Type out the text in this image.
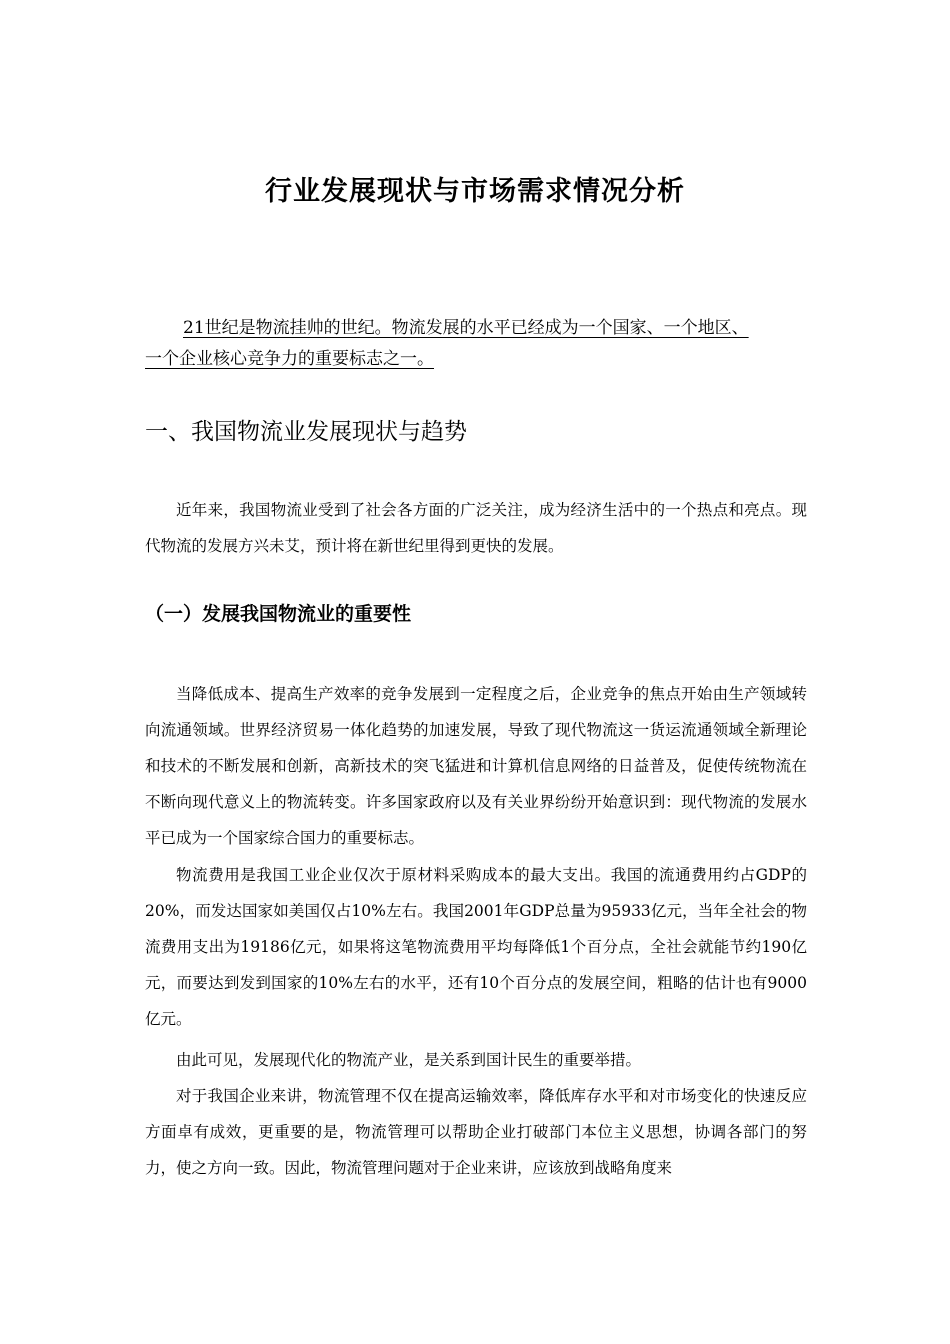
行业发展现状与市场需求情况分析

21世纪是物流挂帅的世纪。物流发展的水平已经成为一个国家、一个地区、
一个企业核心竞争力的重要标志之一。

一、我国物流业发展现状与趋势

近年来，我国物流业受到了社会各方面的广泛关注，成为经济生活中的一个热点和亮点。现代物流的发展方兴未艾，预计将在新世纪里得到更快的发展。

（一）发展我国物流业的重要性

当降低成本、提高生产效率的竞争发展到一定程度之后，企业竞争的焦点开始由生产领域转向流通领域。世界经济贸易一体化趋势的加速发展，导致了现代物流这一货运流通领域全新理论和技术的不断发展和创新，高新技术的突飞猛进和计算机信息网络的日益普及，促使传统物流在不断向现代意义上的物流转变。许多国家政府以及有关业界纷纷开始意识到：现代物流的发展水平已成为一个国家综合国力的重要标志。

物流费用是我国工业企业仅次于原材料采购成本的最大支出。我国的流通费用约占GDP的20%，而发达国家如美国仅占10%左右。我国2001年GDP总量为95933亿元，当年全社会的物流费用支出为19186亿元，如果将这笔物流费用平均每降低1个百分点，全社会就能节约190亿元，而要达到发到国家的10%左右的水平，还有10个百分点的发展空间，粗略的估计也有9000亿元。

由此可见，发展现代化的物流产业，是关系到国计民生的重要举措。

对于我国企业来讲，物流管理不仅在提高运输效率，降低库存水平和对市场变化的快速反应方面卓有成效，更重要的是，物流管理可以帮助企业打破部门本位主义思想，协调各部门的努力，使之方向一致。因此，物流管理问题对于企业来讲，应该放到战略角度来
